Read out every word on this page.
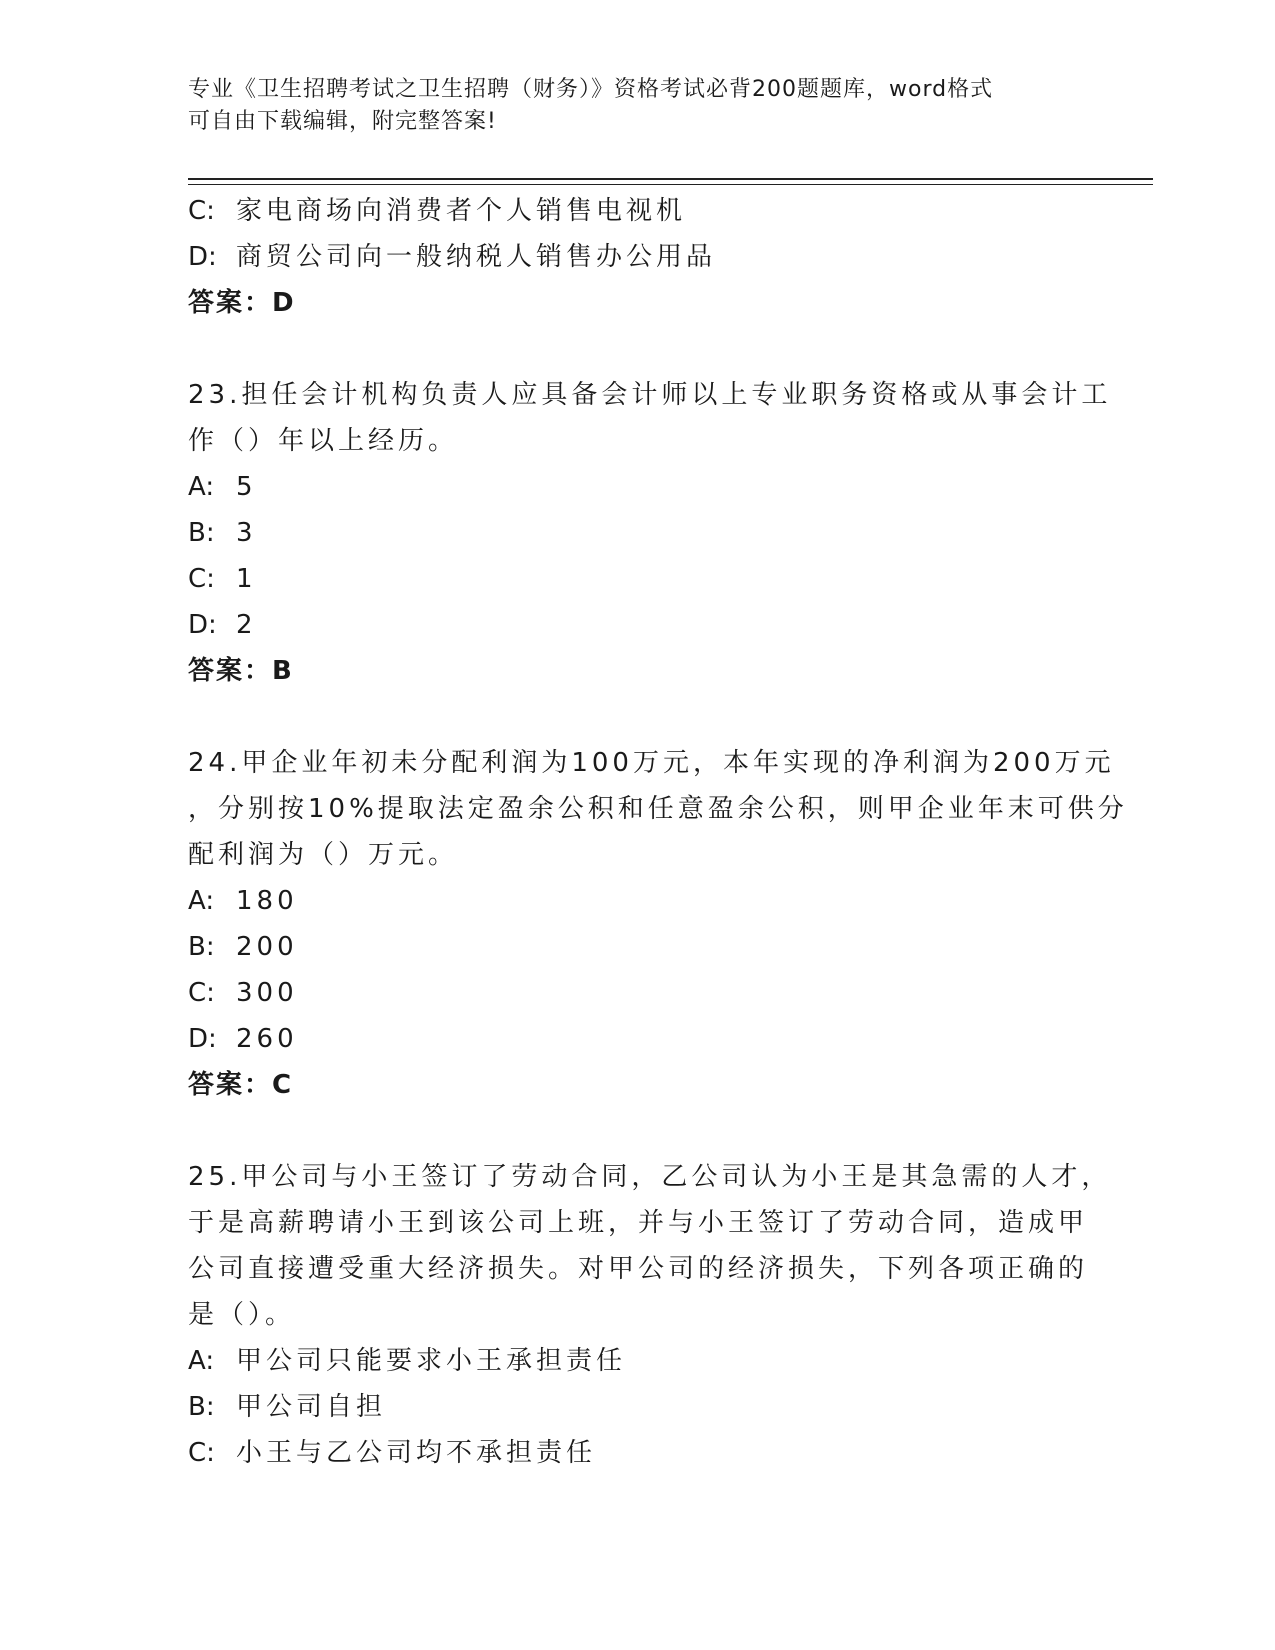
专业《卫生招聘考试之卫生招聘（财务）》资格考试必背200题题库，word格式
可自由下载编辑，附完整答案!
C: 家电商场向消费者个人销售电视机
D: 商贸公司向一般纳税人销售办公用品
答案：D
23.担任会计机构负责人应具备会计师以上专业职务资格或从事会计工
作（）年以上经历。
A: 5
B: 3
C: 1
D: 2
答案：B
24.甲企业年初未分配利润为100万元，本年实现的净利润为200万元
，分别按10%提取法定盈余公积和任意盈余公积，则甲企业年末可供分
配利润为（）万元。
A: 180
B: 200
C: 300
D: 260
答案：C
25.甲公司与小王签订了劳动合同，乙公司认为小王是其急需的人才，
于是高薪聘请小王到该公司上班，并与小王签订了劳动合同，造成甲
公司直接遭受重大经济损失。对甲公司的经济损失，下列各项正确的
是（）。
A: 甲公司只能要求小王承担责任
B: 甲公司自担
C: 小王与乙公司均不承担责任
